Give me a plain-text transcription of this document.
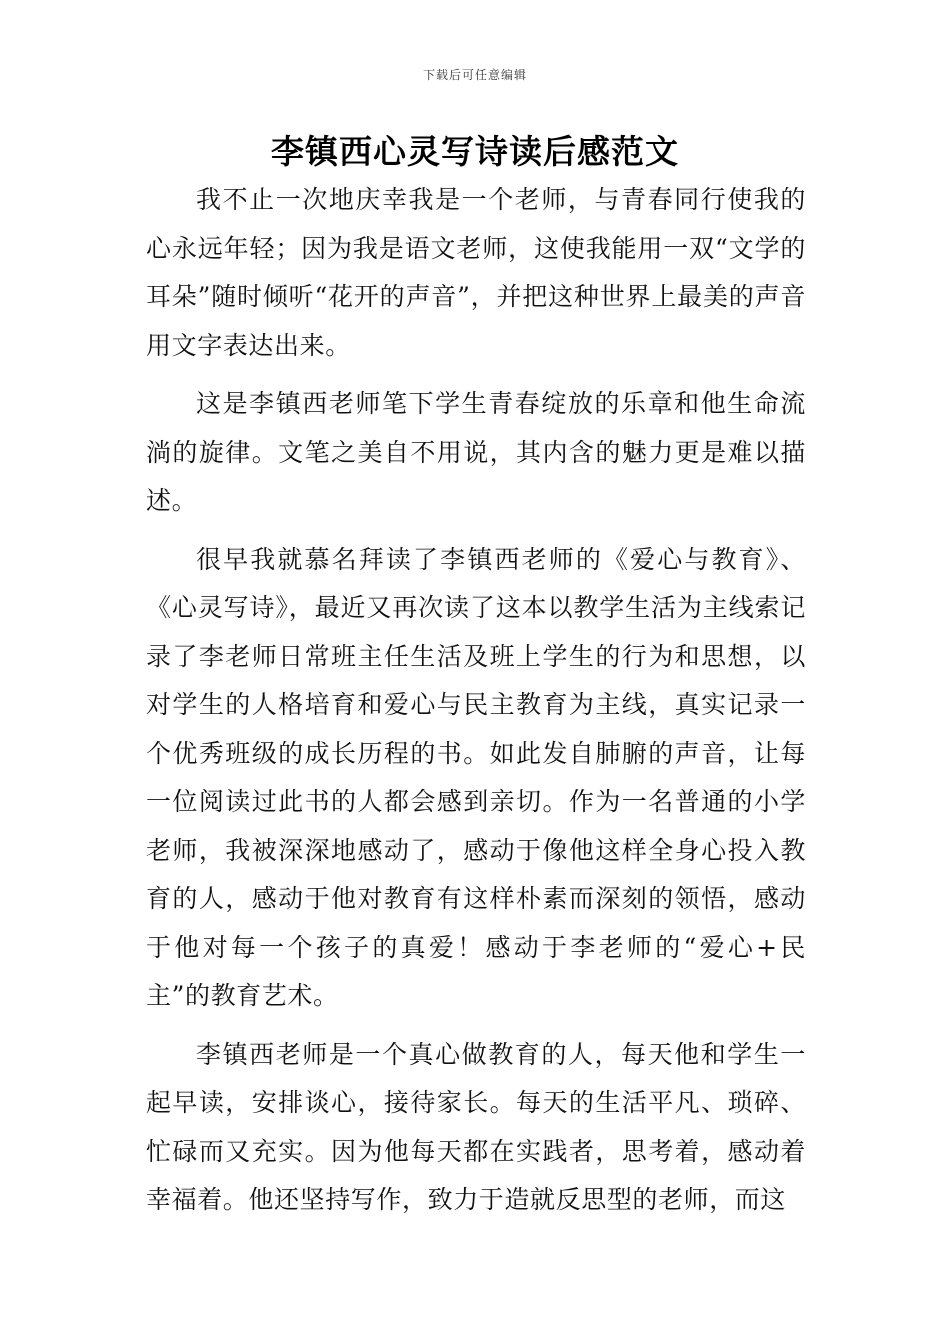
下载后可任意编辑
李镇西心灵写诗读后感范文

我不止一次地庆幸我是一个老师，与青春同行使我的心永远年轻；因为我是语文老师，这使我能用一双“文学的耳朵”随时倾听“花开的声音”，并把这种世界上最美的声音用文字表达出来。

这是李镇西老师笔下学生青春绽放的乐章和他生命流淌的旋律。文笔之美自不用说，其内含的魅力更是难以描述。

很早我就慕名拜读了李镇西老师的《爱心与教育》、《心灵写诗》，最近又再次读了这本以教学生活为主线索记录了李老师日常班主任生活及班上学生的行为和思想，以对学生的人格培育和爱心与民主教育为主线，真实记录一个优秀班级的成长历程的书。如此发自肺腑的声音，让每一位阅读过此书的人都会感到亲切。作为一名普通的小学老师，我被深深地感动了，感动于像他这样全身心投入教育的人，感动于他对教育有这样朴素而深刻的领悟，感动于他对每一个孩子的真爱！感动于李老师的“爱心+民主”的教育艺术。

李镇西老师是一个真心做教育的人，每天他和学生一起早读，安排谈心，接待家长。每天的生活平凡、琐碎、忙碌而又充实。因为他每天都在实践者，思考着，感动着幸福着。他还坚持写作，致力于造就反思型的老师，而这
